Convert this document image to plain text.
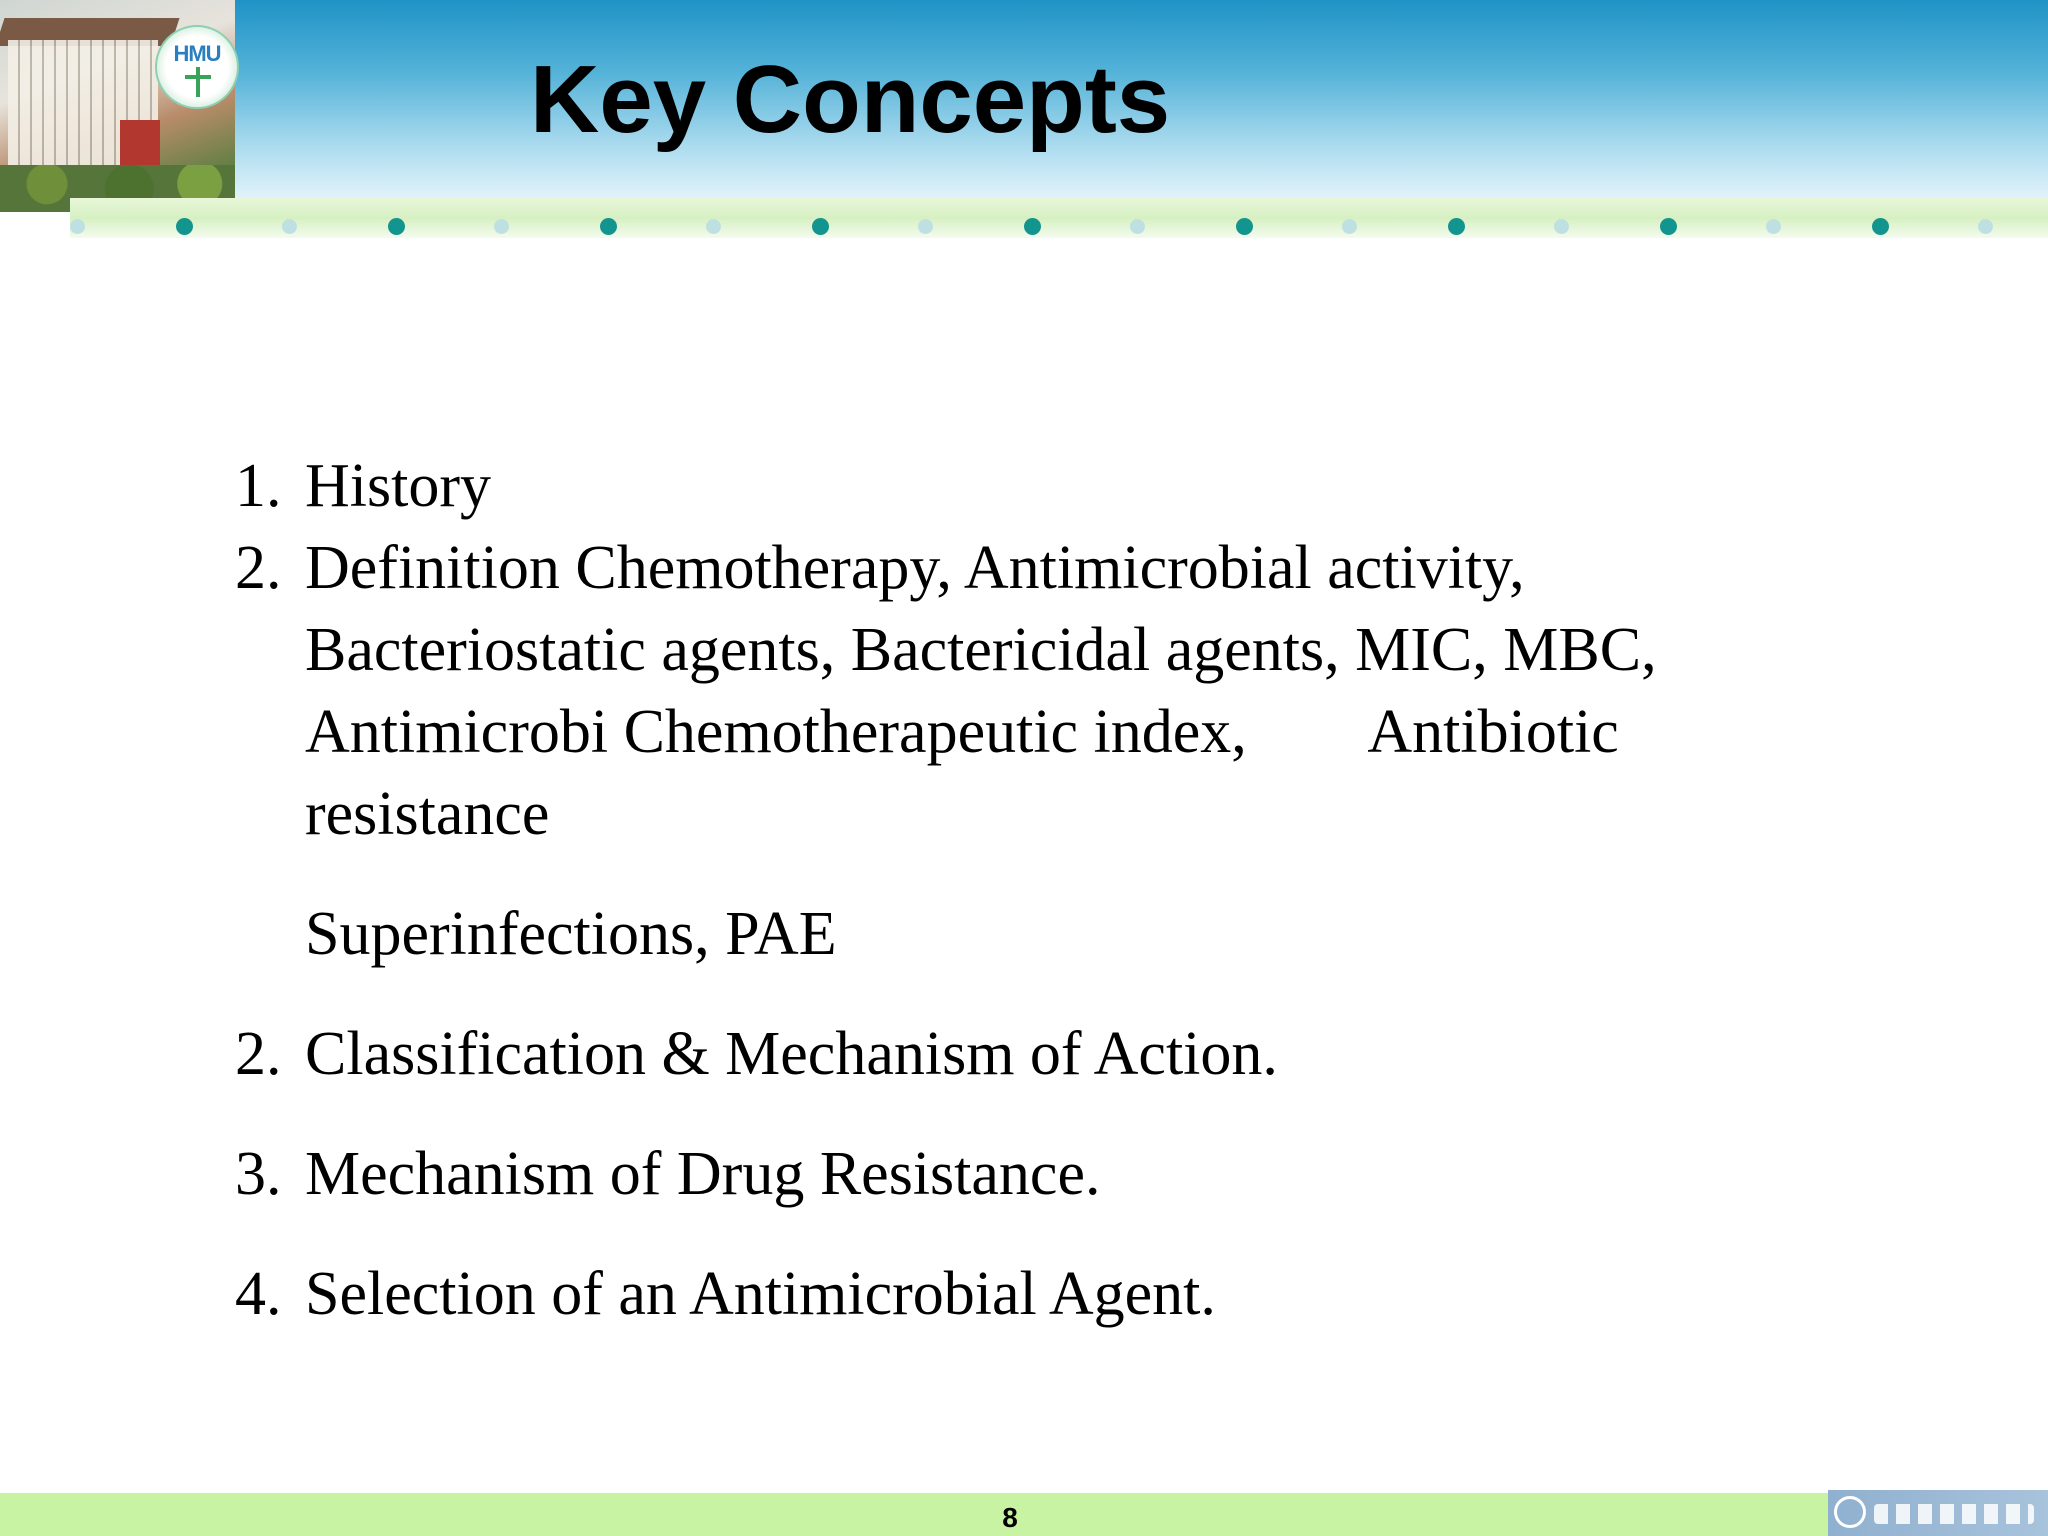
HMU	Key Concepts
1. History
2. Definition Chemotherapy, Antimicrobial activity,
Bacteriostatic agents, Bactericidal agents, MIC, MBC,
Antimicrobi Chemotherapeutic index,        Antibiotic
resistance
Superinfections, PAE
2. Classification & Mechanism of Action.
3. Mechanism of Drug Resistance.
4. Selection of an Antimicrobial Agent.
8
